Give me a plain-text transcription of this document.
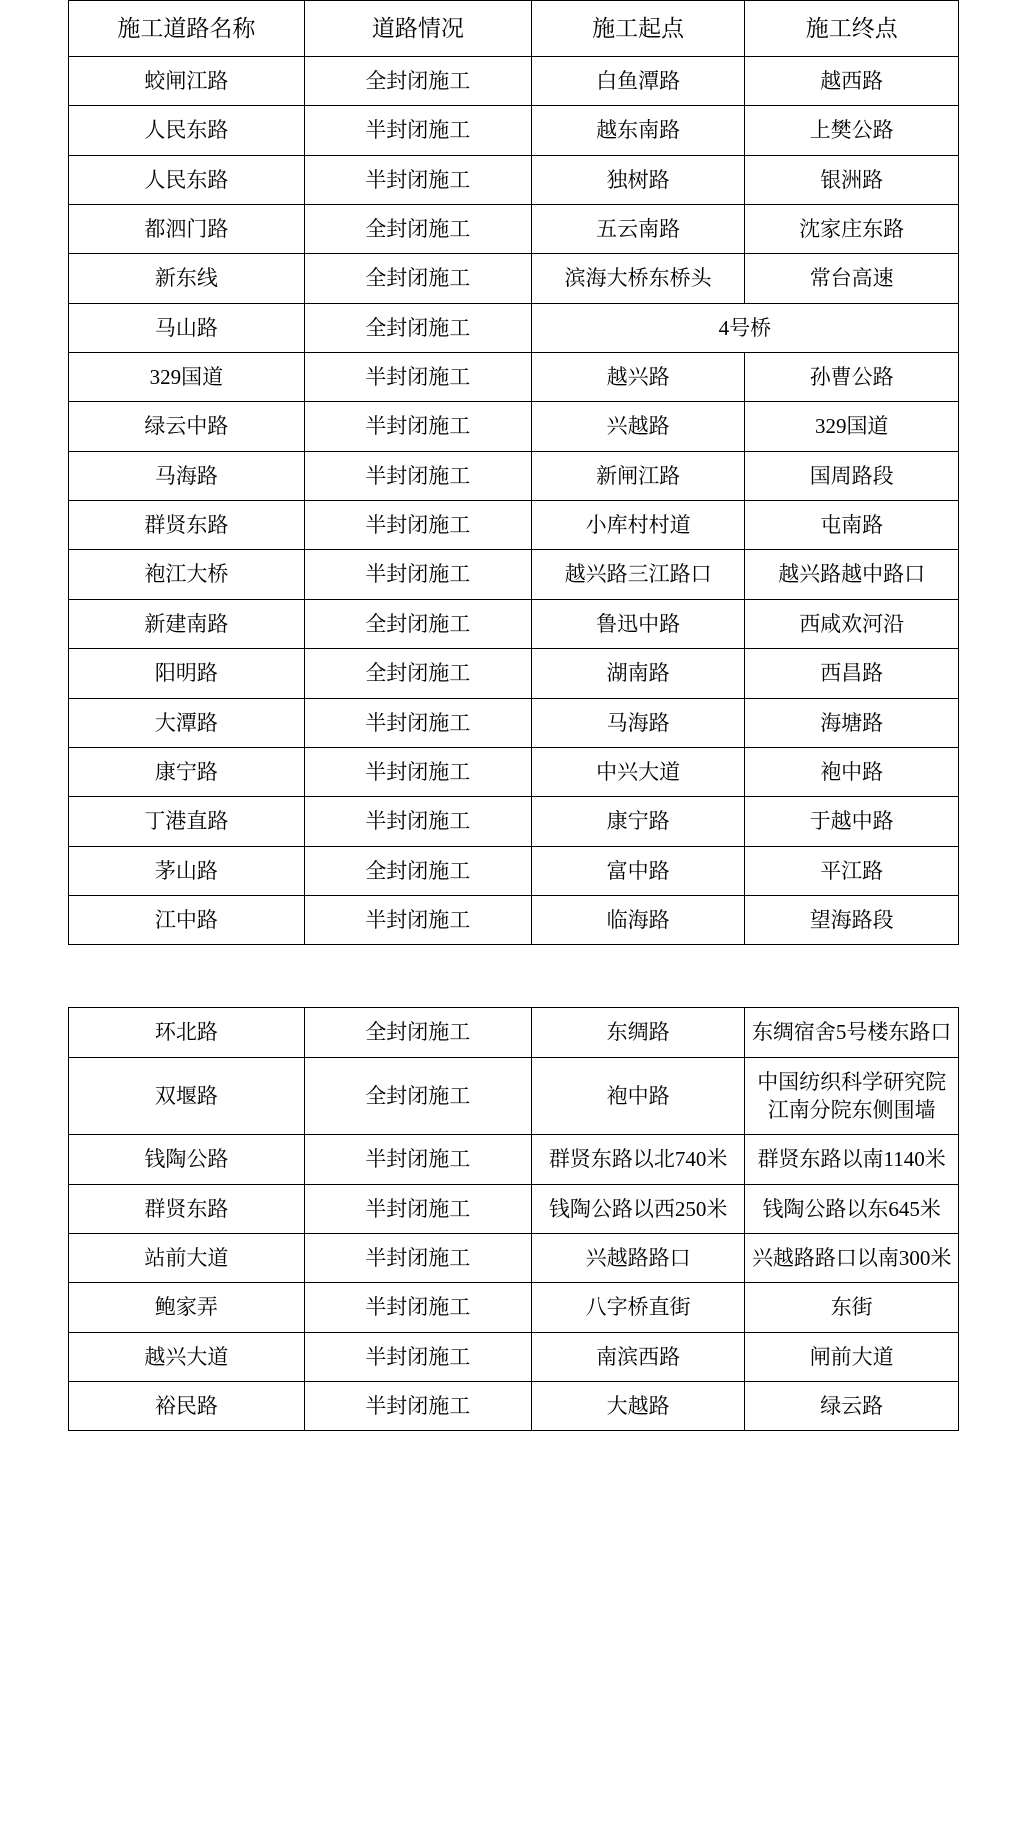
施工道路名称	道路情况	施工起点	施工终点
蛟闸江路	全封闭施工	白鱼潭路	越西路
人民东路	半封闭施工	越东南路	上樊公路
人民东路	半封闭施工	独树路	银洲路
都泗门路	全封闭施工	五云南路	沈家庄东路
新东线	全封闭施工	滨海大桥东桥头	常台高速
马山路	全封闭施工	4号桥	
329国道	半封闭施工	越兴路	孙曹公路
绿云中路	半封闭施工	兴越路	329国道
马海路	半封闭施工	新闸江路	国周路段
群贤东路	半封闭施工	小库村村道	屯南路
袍江大桥	半封闭施工	越兴路三江路口	越兴路越中路口
新建南路	全封闭施工	鲁迅中路	西咸欢河沿
阳明路	全封闭施工	湖南路	西昌路
大潭路	半封闭施工	马海路	海塘路
康宁路	半封闭施工	中兴大道	袍中路
丁港直路	半封闭施工	康宁路	于越中路
茅山路	全封闭施工	富中路	平江路
江中路	半封闭施工	临海路	望海路段
环北路	全封闭施工	东绸路	东绸宿舍5号楼东路口
双堰路	全封闭施工	袍中路	中国纺织科学研究院江南分院东侧围墙
钱陶公路	半封闭施工	群贤东路以北740米	群贤东路以南1140米
群贤东路	半封闭施工	钱陶公路以西250米	钱陶公路以东645米
站前大道	半封闭施工	兴越路路口	兴越路路口以南300米
鲍家弄	半封闭施工	八字桥直街	东街
越兴大道	半封闭施工	南滨西路	闸前大道
裕民路	半封闭施工	大越路	绿云路
